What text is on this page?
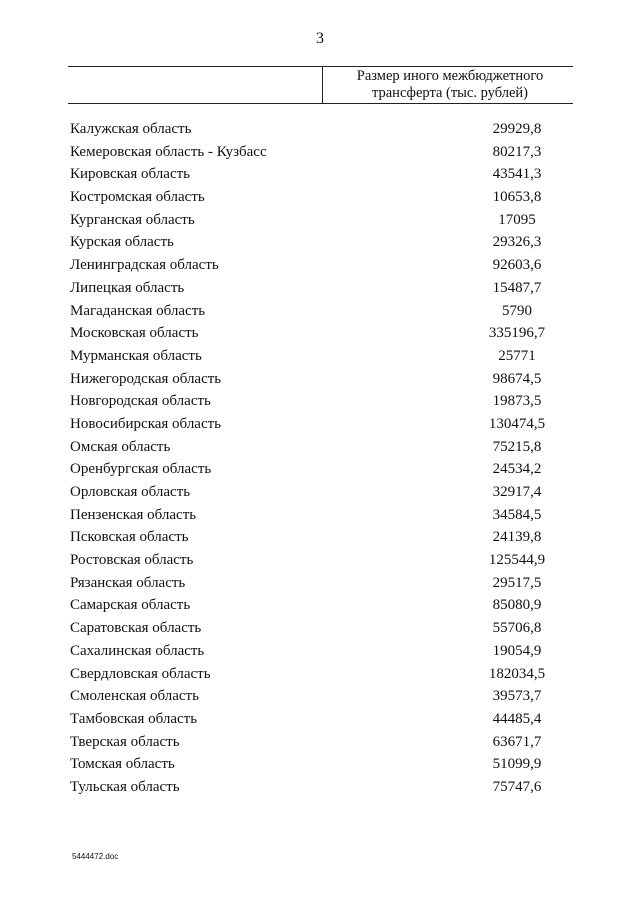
3
Размер иного межбюджетного трансферта (тыс. рублей)
Калужская область	29929,8
Кемеровская область - Кузбасс	80217,3
Кировская область	43541,3
Костромская область	10653,8
Курганская область	17095
Курская область	29326,3
Ленинградская область	92603,6
Липецкая область	15487,7
Магаданская область	5790
Московская область	335196,7
Мурманская область	25771
Нижегородская область	98674,5
Новгородская область	19873,5
Новосибирская область	130474,5
Омская область	75215,8
Оренбургская область	24534,2
Орловская область	32917,4
Пензенская область	34584,5
Псковская область	24139,8
Ростовская область	125544,9
Рязанская область	29517,5
Самарская область	85080,9
Саратовская область	55706,8
Сахалинская область	19054,9
Свердловская область	182034,5
Смоленская область	39573,7
Тамбовская область	44485,4
Тверская область	63671,7
Томская область	51099,9
Тульская область	75747,6
5444472.doc
